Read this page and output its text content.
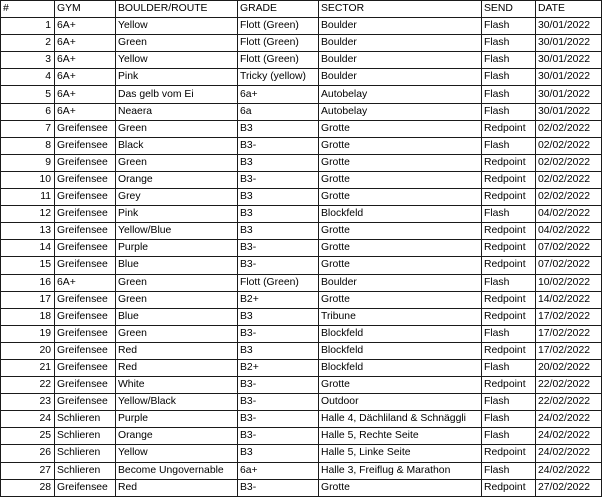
#	GYM	BOULDER/ROUTE	GRADE	SECTOR	SEND	DATE
1	6A+	Yellow	Flott (Green)	Boulder	Flash	30/01/2022
2	6A+	Green	Flott (Green)	Boulder	Flash	30/01/2022
3	6A+	Yellow	Flott (Green)	Boulder	Flash	30/01/2022
4	6A+	Pink	Tricky (yellow)	Boulder	Flash	30/01/2022
5	6A+	Das gelb vom Ei	6a+	Autobelay	Flash	30/01/2022
6	6A+	Neaera	6a	Autobelay	Flash	30/01/2022
7	Greifensee	Green	B3	Grotte	Redpoint	02/02/2022
8	Greifensee	Black	B3-	Grotte	Flash	02/02/2022
9	Greifensee	Green	B3	Grotte	Redpoint	02/02/2022
10	Greifensee	Orange	B3-	Grotte	Redpoint	02/02/2022
11	Greifensee	Grey	B3	Grotte	Redpoint	02/02/2022
12	Greifensee	Pink	B3	Blockfeld	Flash	04/02/2022
13	Greifensee	Yellow/Blue	B3	Grotte	Redpoint	04/02/2022
14	Greifensee	Purple	B3-	Grotte	Redpoint	07/02/2022
15	Greifensee	Blue	B3-	Grotte	Redpoint	07/02/2022
16	6A+	Green	Flott (Green)	Boulder	Flash	10/02/2022
17	Greifensee	Green	B2+	Grotte	Redpoint	14/02/2022
18	Greifensee	Blue	B3	Tribune	Redpoint	17/02/2022
19	Greifensee	Green	B3-	Blockfeld	Flash	17/02/2022
20	Greifensee	Red	B3	Blockfeld	Redpoint	17/02/2022
21	Greifensee	Red	B2+	Blockfeld	Flash	20/02/2022
22	Greifensee	White	B3-	Grotte	Redpoint	22/02/2022
23	Greifensee	Yellow/Black	B3-	Outdoor	Flash	22/02/2022
24	Schlieren	Purple	B3-	Halle 4, Dächliland & Schnäggli	Flash	24/02/2022
25	Schlieren	Orange	B3-	Halle 5, Rechte Seite	Flash	24/02/2022
26	Schlieren	Yellow	B3	Halle 5, Linke Seite	Redpoint	24/02/2022
27	Schlieren	Become Ungovernable	6a+	Halle 3, Freiflug & Marathon	Flash	24/02/2022
28	Greifensee	Red	B3-	Grotte	Redpoint	27/02/2022
